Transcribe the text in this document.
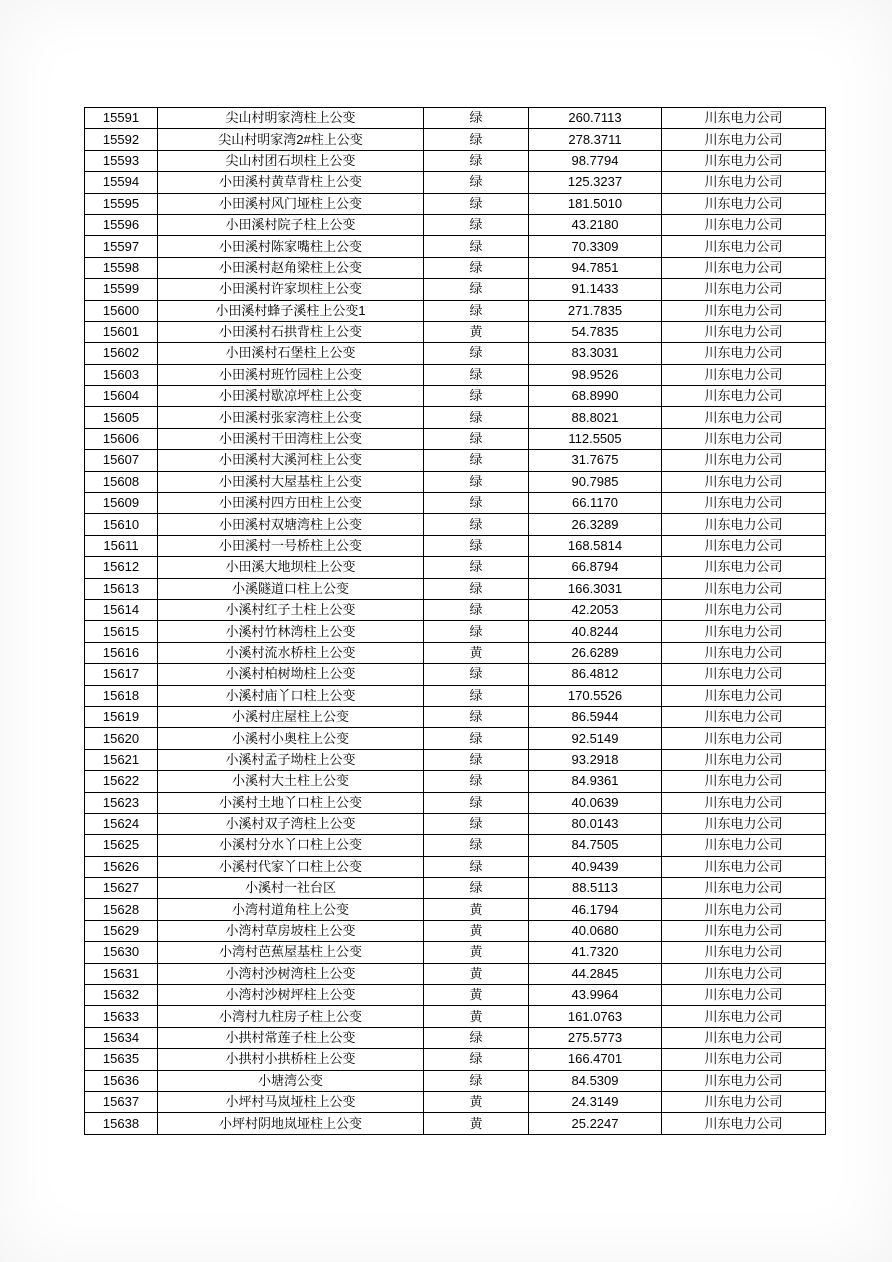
15591	尖山村明家湾柱上公变	绿	260.7113	川东电力公司
15592	尖山村明家湾2#柱上公变	绿	278.3711	川东电力公司
15593	尖山村团石坝柱上公变	绿	98.7794	川东电力公司
15594	小田溪村黄草背柱上公变	绿	125.3237	川东电力公司
15595	小田溪村风门垭柱上公变	绿	181.5010	川东电力公司
15596	小田溪村院子柱上公变	绿	43.2180	川东电力公司
15597	小田溪村陈家嘴柱上公变	绿	70.3309	川东电力公司
15598	小田溪村赵角梁柱上公变	绿	94.7851	川东电力公司
15599	小田溪村许家坝柱上公变	绿	91.1433	川东电力公司
15600	小田溪村蜂子溪柱上公变1	绿	271.7835	川东电力公司
15601	小田溪村石拱背柱上公变	黄	54.7835	川东电力公司
15602	小田溪村石堡柱上公变	绿	83.3031	川东电力公司
15603	小田溪村班竹园柱上公变	绿	98.9526	川东电力公司
15604	小田溪村歇凉坪柱上公变	绿	68.8990	川东电力公司
15605	小田溪村张家湾柱上公变	绿	88.8021	川东电力公司
15606	小田溪村干田湾柱上公变	绿	112.5505	川东电力公司
15607	小田溪村大溪河柱上公变	绿	31.7675	川东电力公司
15608	小田溪村大屋基柱上公变	绿	90.7985	川东电力公司
15609	小田溪村四方田柱上公变	绿	66.1170	川东电力公司
15610	小田溪村双塘湾柱上公变	绿	26.3289	川东电力公司
15611	小田溪村一号桥柱上公变	绿	168.5814	川东电力公司
15612	小田溪大地坝柱上公变	绿	66.8794	川东电力公司
15613	小溪隧道口柱上公变	绿	166.3031	川东电力公司
15614	小溪村红子土柱上公变	绿	42.2053	川东电力公司
15615	小溪村竹林湾柱上公变	绿	40.8244	川东电力公司
15616	小溪村流水桥柱上公变	黄	26.6289	川东电力公司
15617	小溪村柏树坳柱上公变	绿	86.4812	川东电力公司
15618	小溪村庙丫口柱上公变	绿	170.5526	川东电力公司
15619	小溪村庄屋柱上公变	绿	86.5944	川东电力公司
15620	小溪村小奥柱上公变	绿	92.5149	川东电力公司
15621	小溪村孟子坳柱上公变	绿	93.2918	川东电力公司
15622	小溪村大土柱上公变	绿	84.9361	川东电力公司
15623	小溪村土地丫口柱上公变	绿	40.0639	川东电力公司
15624	小溪村双子湾柱上公变	绿	80.0143	川东电力公司
15625	小溪村分水丫口柱上公变	绿	84.7505	川东电力公司
15626	小溪村代家丫口柱上公变	绿	40.9439	川东电力公司
15627	小溪村一社台区	绿	88.5113	川东电力公司
15628	小湾村道角柱上公变	黄	46.1794	川东电力公司
15629	小湾村草房坡柱上公变	黄	40.0680	川东电力公司
15630	小湾村芭蕉屋基柱上公变	黄	41.7320	川东电力公司
15631	小湾村沙树湾柱上公变	黄	44.2845	川东电力公司
15632	小湾村沙树坪柱上公变	黄	43.9964	川东电力公司
15633	小湾村九柱房子柱上公变	黄	161.0763	川东电力公司
15634	小拱村常莲子柱上公变	绿	275.5773	川东电力公司
15635	小拱村小拱桥柱上公变	绿	166.4701	川东电力公司
15636	小塘湾公变	绿	84.5309	川东电力公司
15637	小坪村马岚垭柱上公变	黄	24.3149	川东电力公司
15638	小坪村阴地岚垭柱上公变	黄	25.2247	川东电力公司
